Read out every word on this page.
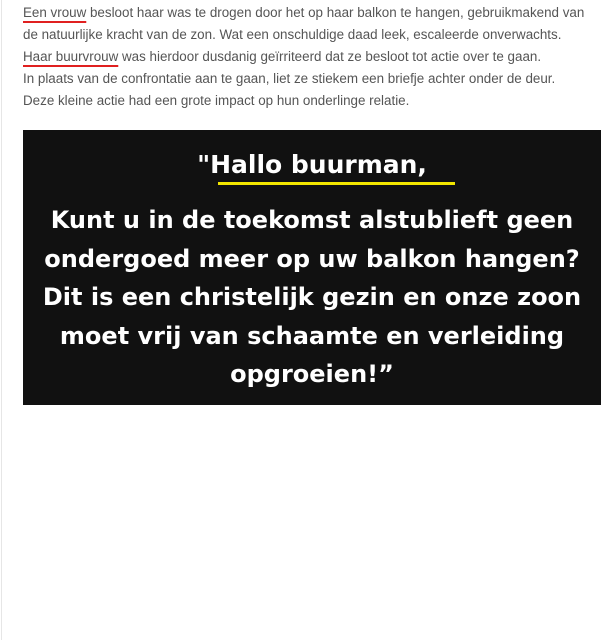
Een vrouw besloot haar was te drogen door het op haar balkon te hangen, gebruikmakend van
de natuurlijke kracht van de zon. Wat een onschuldige daad leek, escaleerde onverwachts.
Haar buurvrouw was hierdoor dusdanig geïrriteerd dat ze besloot tot actie over te gaan.
In plaats van de confrontatie aan te gaan, liet ze stiekem een briefje achter onder de deur.
Deze kleine actie had een grote impact op hun onderlinge relatie.

"Hallo buurman,
Kunt u in de toekomst alstublieft geen
ondergoed meer op uw balkon hangen?
Dit is een christelijk gezin en onze zoon
moet vrij van schaamte en verleiding
opgroeien!”
